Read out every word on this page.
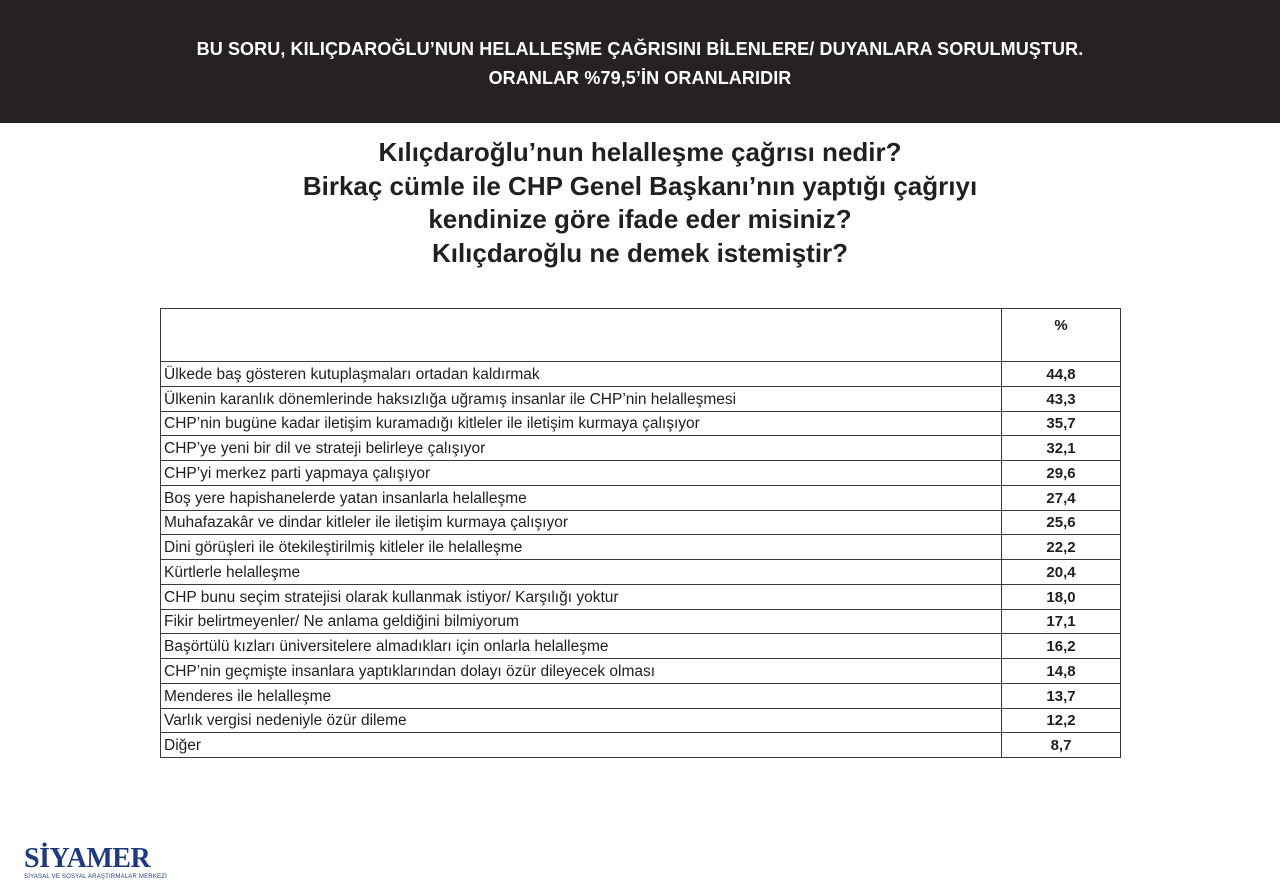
BU SORU, KILIÇDAROĞLU’NUN HELALLEŞME ÇAĞRISINI BİLENLERE/ DUYANLARA SORULMUŞTUR.
ORANLAR %79,5’İN ORANLARIDIR
Kılıçdaroğlu’nun helalleşme çağrısı nedir?
Birkaç cümle ile CHP Genel Başkanı’nın yaptığı çağrıyı
kendinize göre ifade eder misiniz?
Kılıçdaroğlu ne demek istemiştir?
	%
Ülkede baş gösteren kutuplaşmaları ortadan kaldırmak	44,8
Ülkenin karanlık dönemlerinde haksızlığa uğramış insanlar ile CHP’nin helalleşmesi	43,3
CHP’nin bugüne kadar iletişim kuramadığı kitleler ile iletişim kurmaya çalışıyor	35,7
CHP’ye yeni bir dil ve strateji belirleye çalışıyor	32,1
CHP’yi merkez parti yapmaya çalışıyor	29,6
Boş yere hapishanelerde yatan insanlarla helalleşme	27,4
Muhafazakâr ve dindar kitleler ile iletişim kurmaya çalışıyor	25,6
Dini görüşleri ile ötekileştirilmiş kitleler ile helalleşme	22,2
Kürtlerle helalleşme	20,4
CHP bunu seçim stratejisi olarak kullanmak istiyor/ Karşılığı yoktur	18,0
Fikir belirtmeyenler/ Ne anlama geldiğini bilmiyorum	17,1
Başörtülü kızları üniversitelere almadıkları için onlarla helalleşme	16,2
CHP’nin geçmişte insanlara yaptıklarından dolayı özür dileyecek olması	14,8
Menderes ile helalleşme	13,7
Varlık vergisi nedeniyle özür dileme	12,2
Diğer	8,7
SİYAMER
SİYASAL VE SOSYAL ARAŞTIRMALAR MERKEZİ
